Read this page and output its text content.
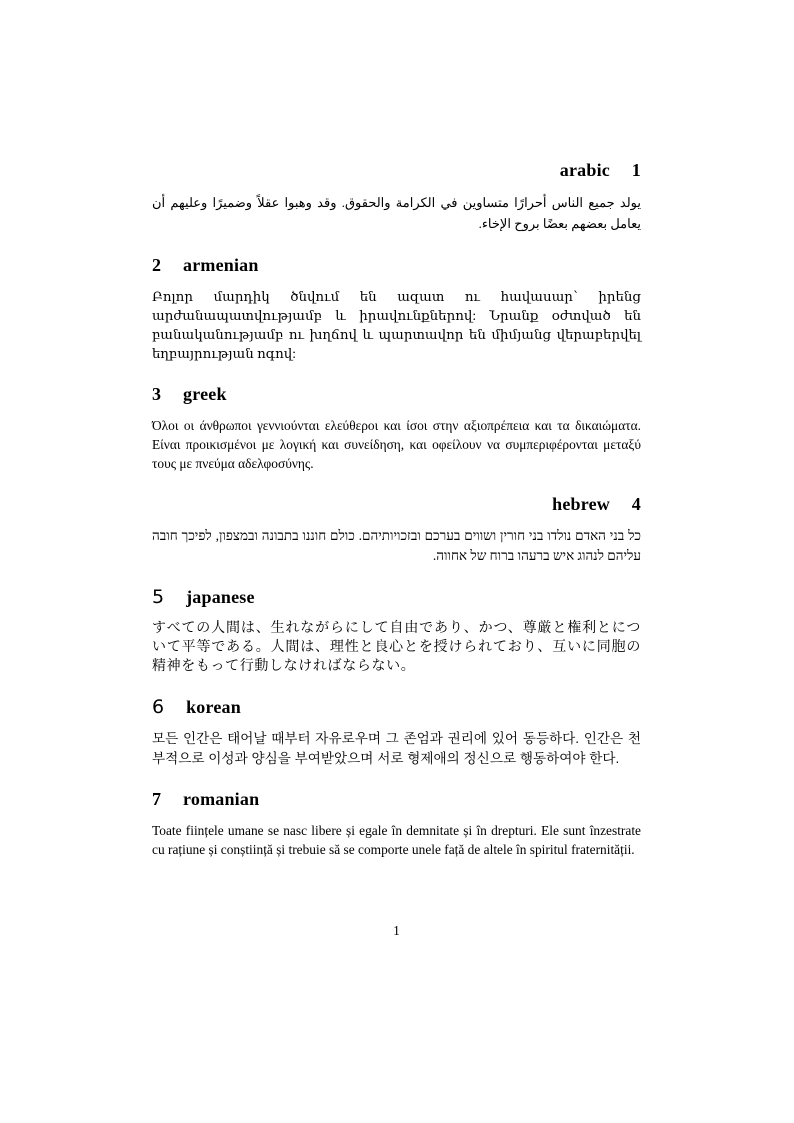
1 arabic

يولد جميع الناس أحرارًا متساوين في الكرامة والحقوق. وقد وهبوا عقلاً وضميرًا وعليهم أن يعامل بعضهم بعضًا بروح الإخاء.

2 armenian

Բոլոր մարդիկ ծնվում են ազատ ու հավասար՝ իրենց արժանապատվությամբ և իրավունքներով: Նրանք օժտված են բանականությամբ ու խղճով և պարտավոր են միմյանց վերաբերվել եղբայրության ոգով:

3 greek

Όλοι οι άνθρωποι γεννιούνται ελεύθεροι και ίσοι στην αξιοπρέπεια και τα δικαιώματα. Είναι προικισμένοι με λογική και συνείδηση, και οφείλουν να συμπεριφέρονται μεταξύ τους με πνεύμα αδελφοσύνης.

4 hebrew

כל בני האדם נולדו בני חורין ושווים בערכם ובזכויותיהם. כולם חוננו בתבונה ובמצפון, לפיכך חובה עליהם לנהוג איש ברעהו ברוח של אחווה.

5 japanese

すべての人間は、生れながらにして自由であり、かつ、尊厳と権利とについて平等である。人間は、理性と良心とを授けられており、互いに同胞の精神をもって行動しなければならない。

6 korean

모든 인간은 태어날 때부터 자유로우며 그 존엄과 권리에 있어 동등하다. 인간은 천부적으로 이성과 양심을 부여받았으며 서로 형제애의 정신으로 행동하여야 한다.

7 romanian

Toate ființele umane se nasc libere și egale în demnitate și în drepturi. Ele sunt înzestrate cu rațiune și conștiință și trebuie să se comporte unele față de altele în spiritul fraternității.

1
